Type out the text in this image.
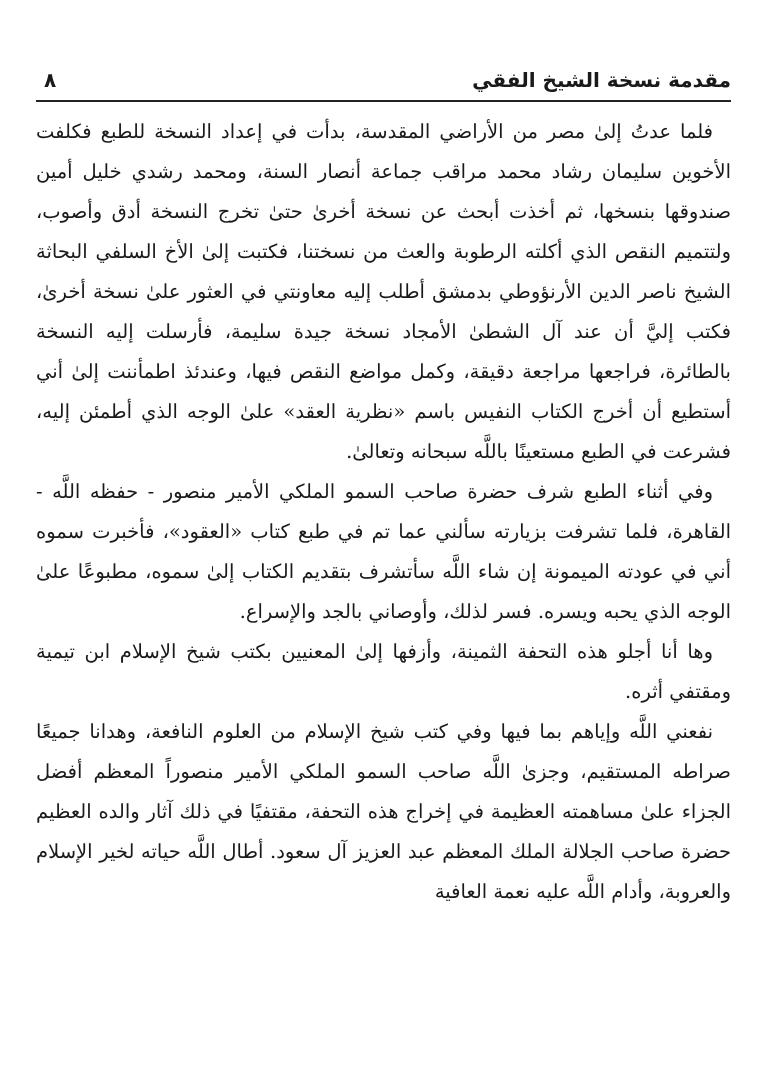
مقدمة نسخة الشيخ الفقي
٨

فلما عدتُ إلىٰ مصر من الأراضي المقدسة، بدأت في إعداد النسخة للطبع فكلفت الأخوين سليمان رشاد محمد مراقب جماعة أنصار السنة، ومحمد رشدي خليل أمين صندوقها بنسخها، ثم أخذت أبحث عن نسخة أخرىٰ حتىٰ تخرج النسخة أدق وأصوب، ولتتميم النقص الذي أكلته الرطوبة والعث من نسختنا، فكتبت إلىٰ الأخ السلفي البحاثة الشيخ ناصر الدين الأرنؤوطي بدمشق أطلب إليه معاونتي في العثور علىٰ نسخة أخرىٰ، فكتب إليَّ أن عند آل الشطىٰ الأمجاد نسخة جيدة سليمة، فأرسلت إليه النسخة بالطائرة، فراجعها مراجعة دقيقة، وكمل مواضع النقص فيها، وعندئذ اطمأننت إلىٰ أني أستطيع أن أخرج الكتاب النفيس باسم «نظرية العقد» علىٰ الوجه الذي أطمئن إليه، فشرعت في الطبع مستعينًا باللَّه سبحانه وتعالىٰ.

وفي أثناء الطبع شرف حضرة صاحب السمو الملكي الأمير منصور - حفظه اللَّه - القاهرة، فلما تشرفت بزيارته سألني عما تم في طبع كتاب «العقود»، فأخبرت سموه أني في عودته الميمونة إن شاء اللَّه سأتشرف بتقديم الكتاب إلىٰ سموه، مطبوعًا علىٰ الوجه الذي يحبه ويسره. فسر لذلك، وأوصاني بالجد والإسراع.

وها أنا أجلو هذه التحفة الثمينة، وأزفها إلىٰ المعنيين بكتب شيخ الإسلام ابن تيمية ومقتفي أثره.

نفعني اللَّه وإياهم بما فيها وفي كتب شيخ الإسلام من العلوم النافعة، وهدانا جميعًا صراطه المستقيم، وجزىٰ اللَّه صاحب السمو الملكي الأمير منصوراً المعظم أفضل الجزاء علىٰ مساهمته العظيمة في إخراج هذه التحفة، مقتفيًا في ذلك آثار والده العظيم حضرة صاحب الجلالة الملك المعظم عبد العزيز آل سعود. أطال اللَّه حياته لخير الإسلام والعروبة، وأدام اللَّه عليه نعمة العافية
